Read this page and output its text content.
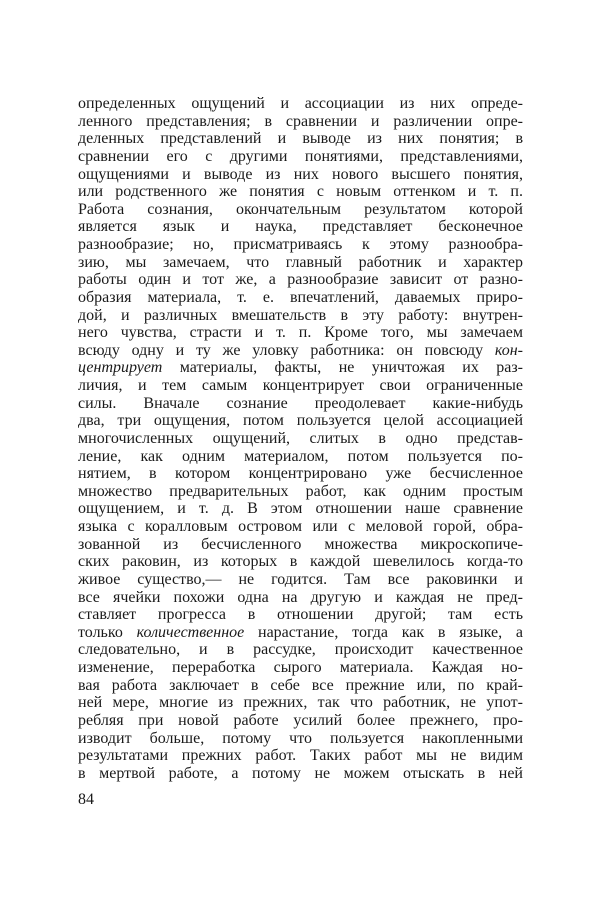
определенных ощущений и ассоциации из них опреде-
ленного представления; в сравнении и различении опре-
деленных представлений и выводе из них понятия; в
сравнении его с другими понятиями, представлениями,
ощущениями и выводе из них нового высшего понятия,
или родственного же понятия с новым оттенком и т. п.
Работа сознания, окончательным результатом которой
является язык и наука, представляет бесконечное
разнообразие; но, присматриваясь к этому разнообра-
зию, мы замечаем, что главный работник и характер
работы один и тот же, а разнообразие зависит от разно-
образия материала, т. е. впечатлений, даваемых приро-
дой, и различных вмешательств в эту работу: внутрен-
него чувства, страсти и т. п. Кроме того, мы замечаем
всюду одну и ту же уловку работника: он повсюду кон-
центрирует материалы, факты, не уничтожая их раз-
личия, и тем самым концентрирует свои ограниченные
силы. Вначале сознание преодолевает какие-нибудь
два, три ощущения, потом пользуется целой ассоциацией
многочисленных ощущений, слитых в одно представ-
ление, как одним материалом, потом пользуется по-
нятием, в котором концентрировано уже бесчисленное
множество предварительных работ, как одним простым
ощущением, и т. д. В этом отношении наше сравнение
языка с коралловым островом или с меловой горой, обра-
зованной из бесчисленного множества микроскопиче-
ских раковин, из которых в каждой шевелилось когда-то
живое существо,— не годится. Там все раковинки и
все ячейки похожи одна на другую и каждая не пред-
ставляет прогресса в отношении другой; там есть
только количественное нарастание, тогда как в языке, а
следовательно, и в рассудке, происходит качественное
изменение, переработка сырого материала. Каждая но-
вая работа заключает в себе все прежние или, по край-
ней мере, многие из прежних, так что работник, не упот-
ребляя при новой работе усилий более прежнего, про-
изводит больше, потому что пользуется накопленными
результатами прежних работ. Таких работ мы не видим
в мертвой работе, а потому не можем отыскать в ней
84
